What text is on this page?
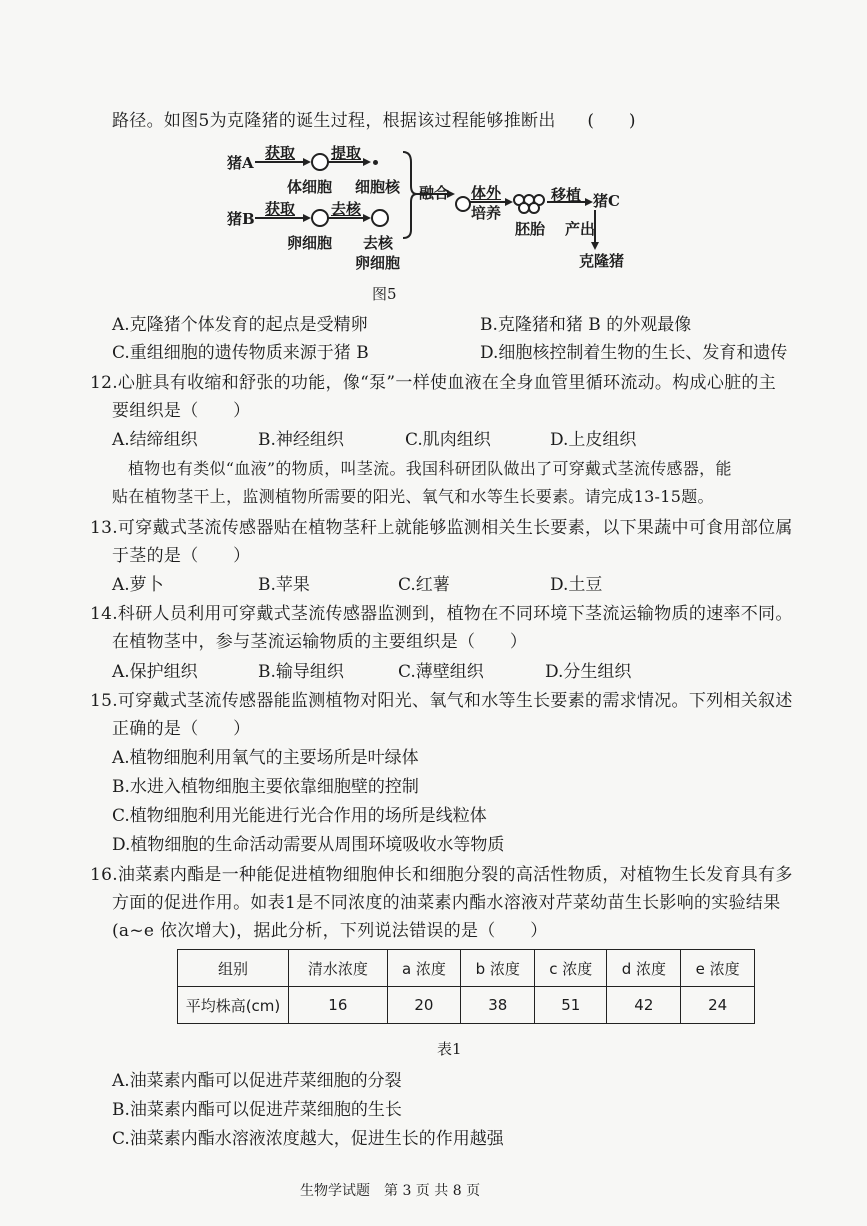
路径。如图5为克隆猪的诞生过程，根据该过程能够推断出 (　　)
猪A
获取 提取
体细胞 细胞核
猪B
获取 去核
卵细胞 去核
卵细胞
融合 体外
培养
胚胎
移植 猪C
产出
克隆猪
图5
A.克隆猪个体发育的起点是受精卵	B.克隆猪和猪 B 的外观最像
C.重组细胞的遗传物质来源于猪 B	D.细胞核控制着生物的生长、发育和遗传
12.心脏具有收缩和舒张的功能，像“泵”一样使血液在全身血管里循环流动。构成心脏的主
要组织是（　　）
A.结缔组织	B.神经组织	C.肌肉组织	D.上皮组织
植物也有类似“血液”的物质，叫茎流。我国科研团队做出了可穿戴式茎流传感器，能
贴在植物茎干上，监测植物所需要的阳光、氧气和水等生长要素。请完成13-15题。
13.可穿戴式茎流传感器贴在植物茎秆上就能够监测相关生长要素，以下果蔬中可食用部位属
于茎的是（　　）
A.萝卜	B.苹果	C.红薯	D.土豆
14.科研人员利用可穿戴式茎流传感器监测到，植物在不同环境下茎流运输物质的速率不同。
在植物茎中，参与茎流运输物质的主要组织是（　　）
A.保护组织	B.输导组织	C.薄壁组织	D.分生组织
15.可穿戴式茎流传感器能监测植物对阳光、氧气和水等生长要素的需求情况。下列相关叙述
正确的是（　　）
A.植物细胞利用氧气的主要场所是叶绿体
B.水进入植物细胞主要依靠细胞壁的控制
C.植物细胞利用光能进行光合作用的场所是线粒体
D.植物细胞的生命活动需要从周围环境吸收水等物质
16.油菜素内酯是一种能促进植物细胞伸长和细胞分裂的高活性物质，对植物生长发育具有多
方面的促进作用。如表1是不同浓度的油菜素内酯水溶液对芹菜幼苗生长影响的实验结果
(a~e 依次增大)，据此分析，下列说法错误的是（　　）
组别	清水浓度	a 浓度	b 浓度	c 浓度	d 浓度	e 浓度
平均株高(cm)	16	20	38	51	42	24
表1
A.油菜素内酯可以促进芹菜细胞的分裂
B.油菜素内酯可以促进芹菜细胞的生长
C.油菜素内酯水溶液浓度越大，促进生长的作用越强
生物学试题　第 3 页 共 8 页
